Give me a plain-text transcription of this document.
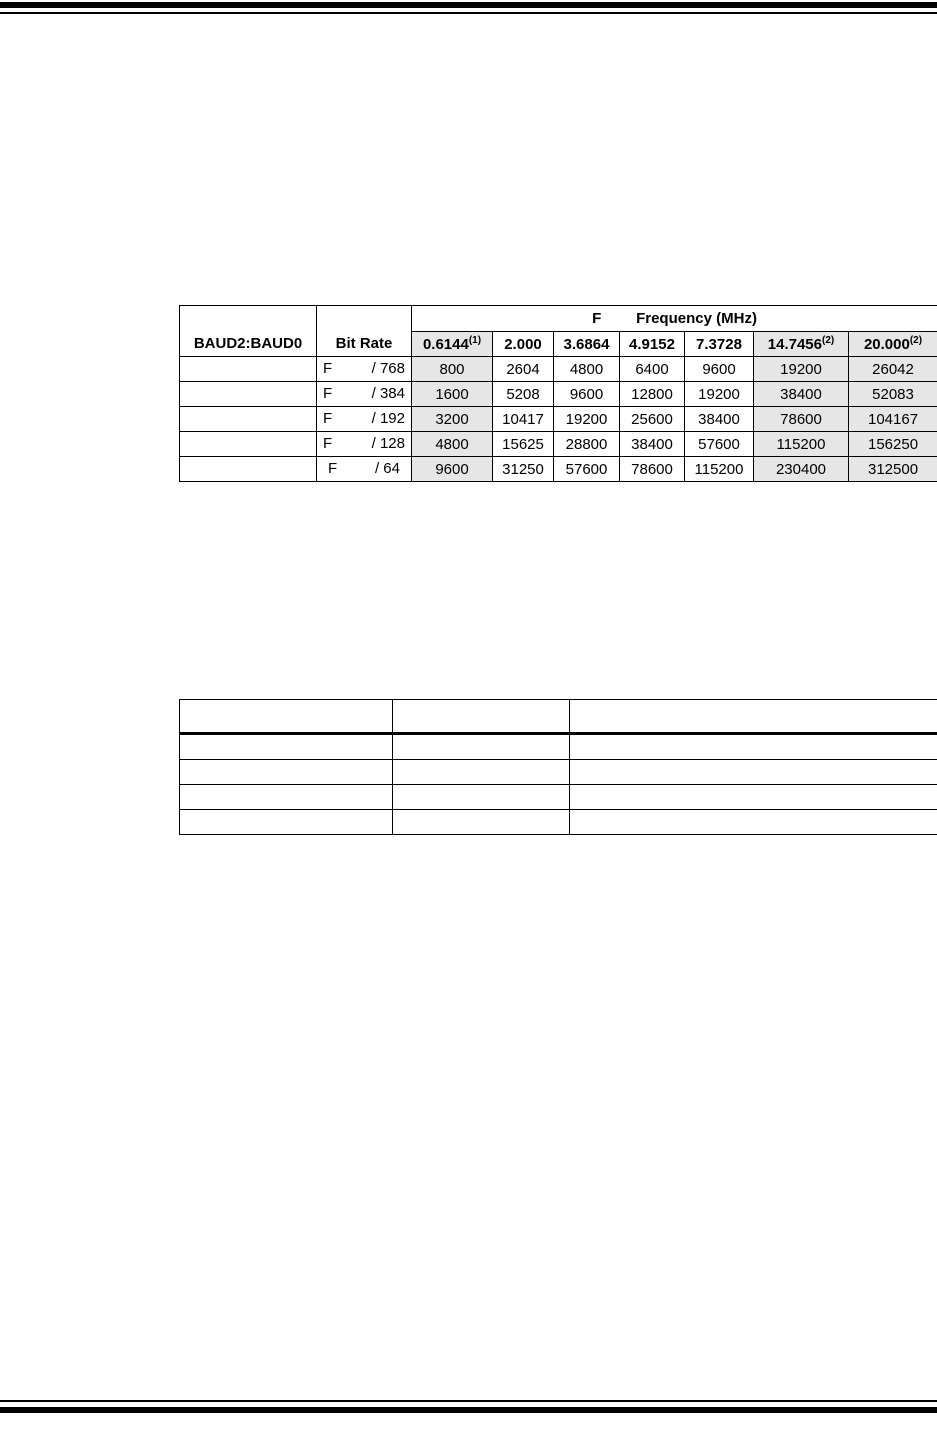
BAUD2:BAUD0	Bit Rate	F Frequency (MHz)						
		0.6144$^{(1)}$	2.000	3.6864	4.9152	7.3728	14.7456$^{(2)}$	20.000$^{(2)}$

	F / 768	800	2604	4800	6400	9600	19200	26042

	F / 384	1600	5208	9600	12800	19200	38400	52083

	F / 192	3200	10417	19200	25600	38400	78600	104167

	F / 128	4800	15625	28800	38400	57600	115200	156250

	F / 64	9600	31250	57600	78600	115200	230400	312500
